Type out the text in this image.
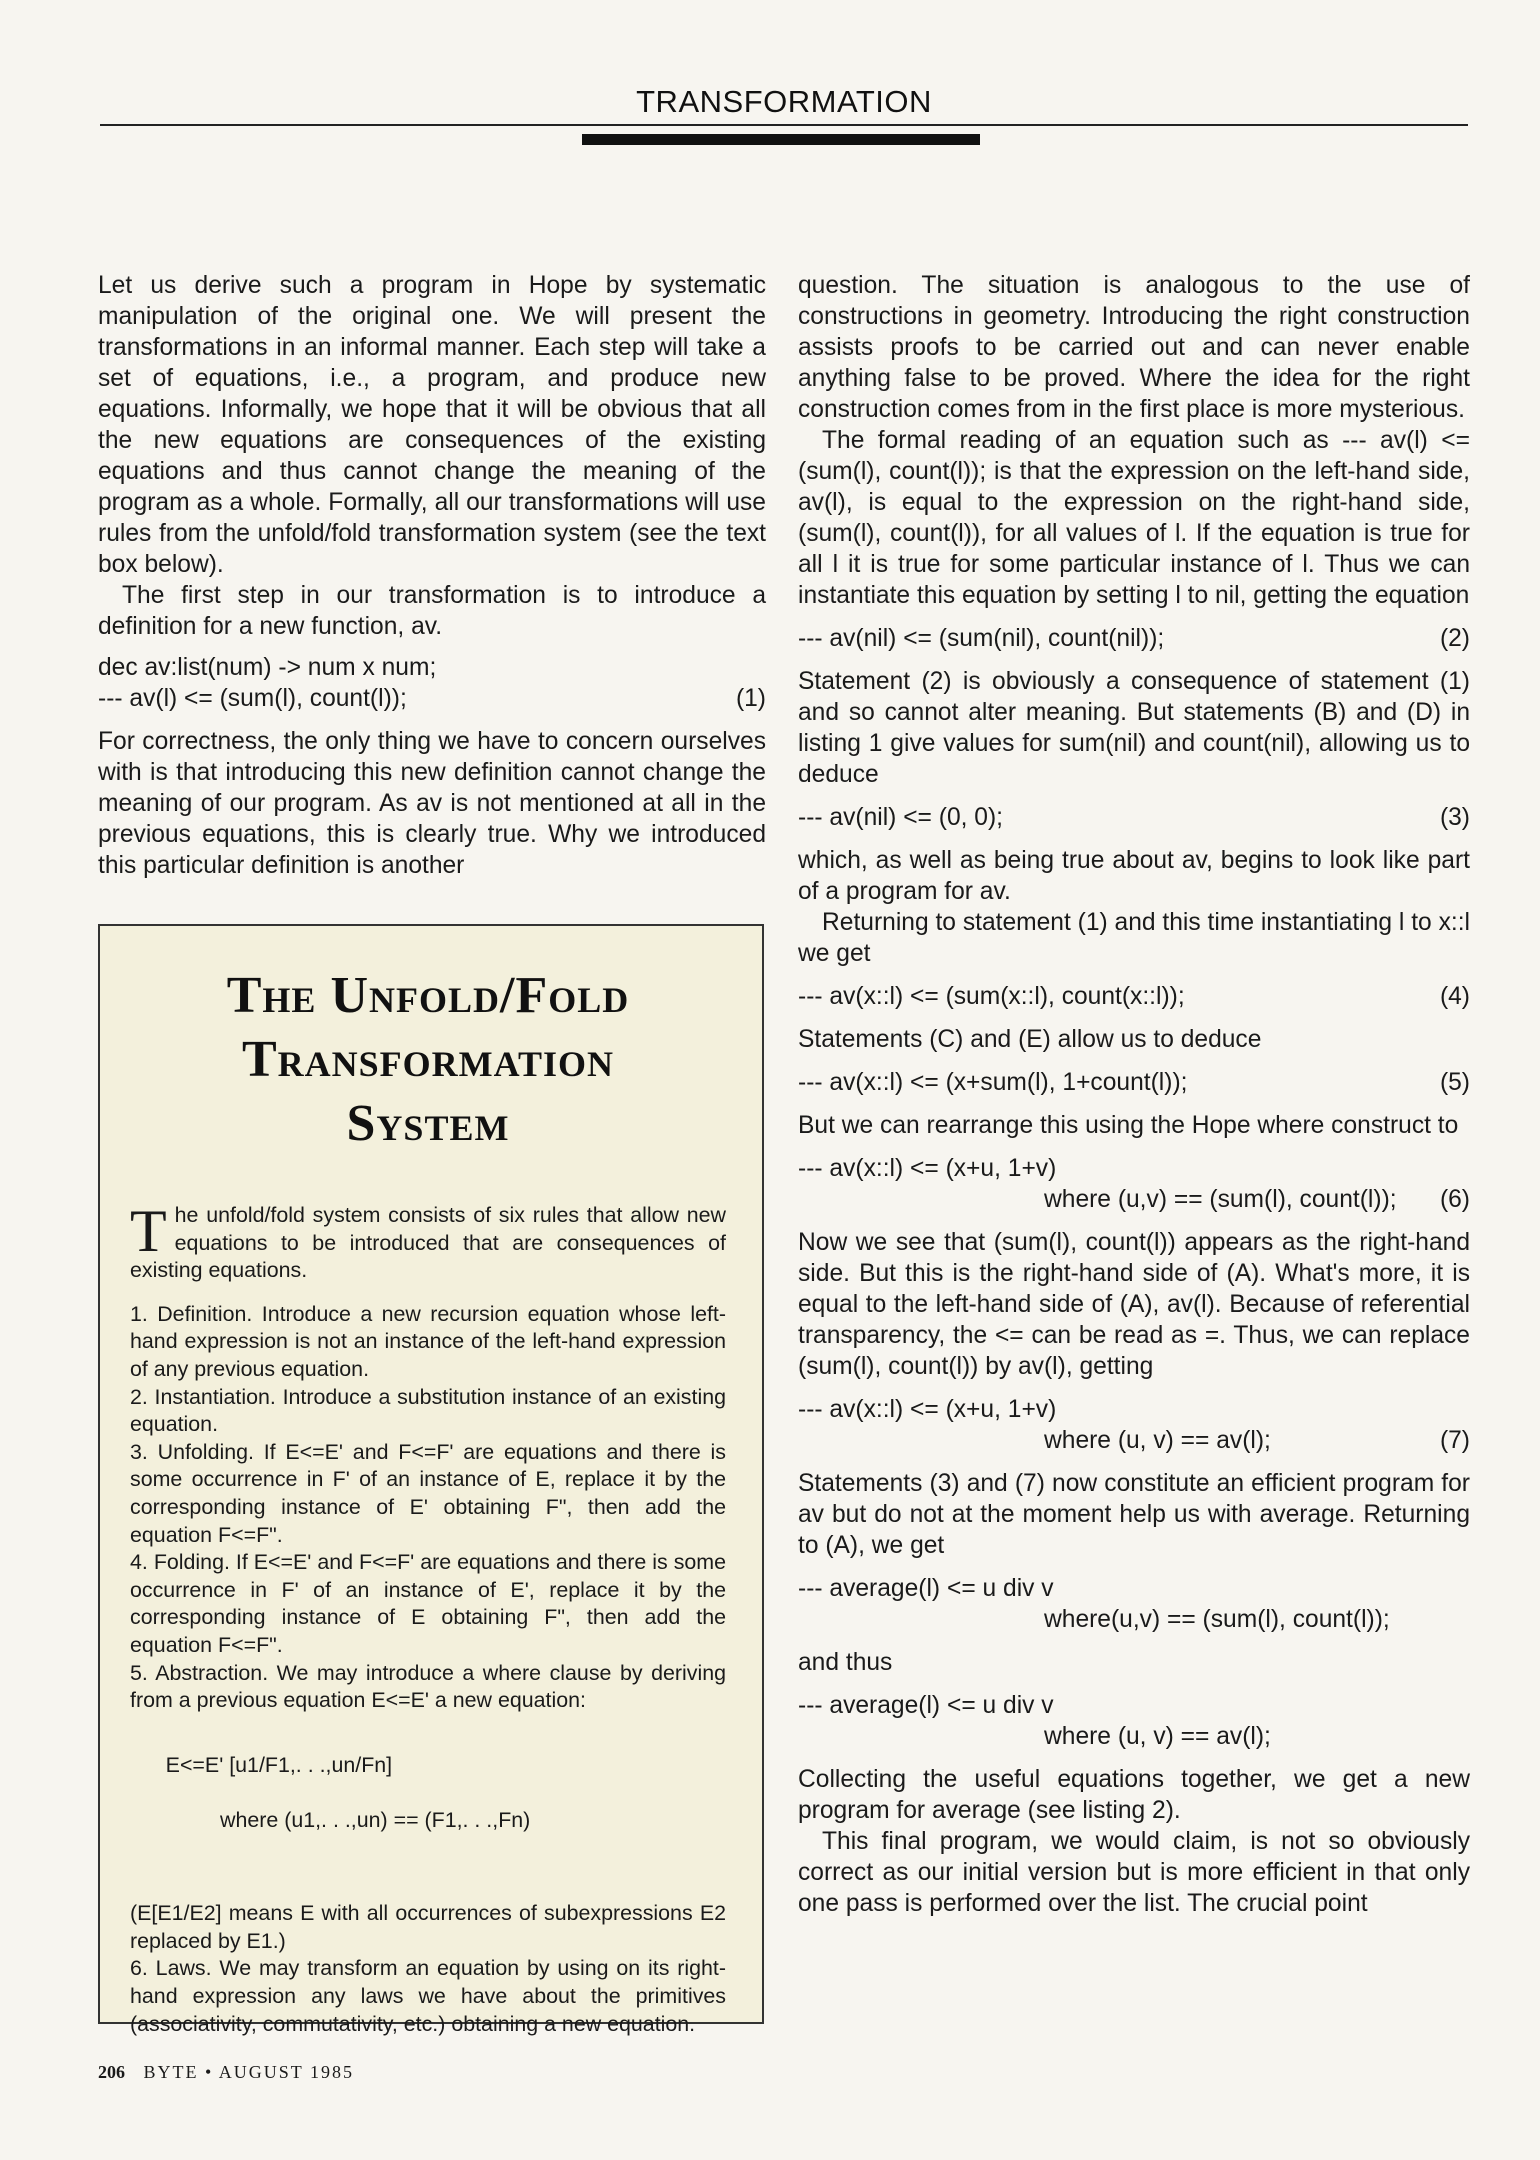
TRANSFORMATION

Let us derive such a program in Hope by systematic manipulation of the original one. We will present the transformations in an informal manner. Each step will take a set of equations, i.e., a program, and produce new equations. Informally, we hope that it will be obvious that all the new equations are consequences of the existing equations and thus cannot change the meaning of the program as a whole. Formally, all our transformations will use rules from the unfold/fold transformation system (see the text box below).

The first step in our transformation is to introduce a definition for a new function, av.

dec av:list(num) -> num x num;
--- av(l) <= (sum(l), count(l));	(1)

For correctness, the only thing we have to concern ourselves with is that introducing this new definition cannot change the meaning of our program. As av is not mentioned at all in the previous equations, this is clearly true. Why we introduced this particular definition is another

The Unfold/Fold
Transformation
System

The unfold/fold system consists of six rules that allow new equations to be introduced that are consequences of existing equations.

1. Definition. Introduce a new recursion equation whose left-hand expression is not an instance of the left-hand expression of any previous equation.

2. Instantiation. Introduce a substitution instance of an existing equation.

3. Unfolding. If E<=E' and F<=F' are equations and there is some occurrence in F' of an instance of E, replace it by the corresponding instance of E' obtaining F", then add the equation F<=F".

4. Folding. If E<=E' and F<=F' are equations and there is some occurrence in F' of an instance of E', replace it by the corresponding instance of E obtaining F", then add the equation F<=F".

5. Abstraction. We may introduce a where clause by deriving from a previous equation E<=E' a new equation:

E<=E' [u1/F1,. . .,un/Fn]

where (u1,. . .,un) == (F1,. . .,Fn)

(E[E1/E2] means E with all occurrences of subexpressions E2 replaced by E1.)

6. Laws. We may transform an equation by using on its right-hand expression any laws we have about the primitives (associativity, commutativity, etc.) obtaining a new equation.

question. The situation is analogous to the use of constructions in geometry. Introducing the right construction assists proofs to be carried out and can never enable anything false to be proved. Where the idea for the right construction comes from in the first place is more mysterious.

The formal reading of an equation such as --- av(l) <= (sum(l), count(l)); is that the expression on the left-hand side, av(l), is equal to the expression on the right-hand side, (sum(l), count(l)), for all values of l. If the equation is true for all l it is true for some particular instance of l. Thus we can instantiate this equation by setting l to nil, getting the equation

--- av(nil) <= (sum(nil), count(nil));	(2)

Statement (2) is obviously a consequence of statement (1) and so cannot alter meaning. But statements (B) and (D) in listing 1 give values for sum(nil) and count(nil), allowing us to deduce

--- av(nil) <= (0, 0);	(3)

which, as well as being true about av, begins to look like part of a program for av.

Returning to statement (1) and this time instantiating l to x::l we get

--- av(x::l) <= (sum(x::l), count(x::l));	(4)

Statements (C) and (E) allow us to deduce

--- av(x::l) <= (x+sum(l), 1+count(l));	(5)

But we can rearrange this using the Hope where construct to

--- av(x::l) <= (x+u, 1+v)
where (u,v) == (sum(l), count(l)); (6)

Now we see that (sum(l), count(l)) appears as the right-hand side. But this is the right-hand side of (A). What's more, it is equal to the left-hand side of (A), av(l). Because of referential transparency, the <= can be read as =. Thus, we can replace (sum(l), count(l)) by av(l), getting

--- av(x::l) <= (x+u, 1+v)
where (u, v) == av(l);	(7)

Statements (3) and (7) now constitute an efficient program for av but do not at the moment help us with average. Returning to (A), we get

--- average(l) <= u div v
where(u,v) == (sum(l), count(l));

and thus

--- average(l) <= u div v
where (u, v) == av(l);

Collecting the useful equations together, we get a new program for average (see listing 2).

This final program, we would claim, is not so obviously correct as our initial version but is more efficient in that only one pass is performed over the list. The crucial point

206 BYTE • AUGUST 1985
